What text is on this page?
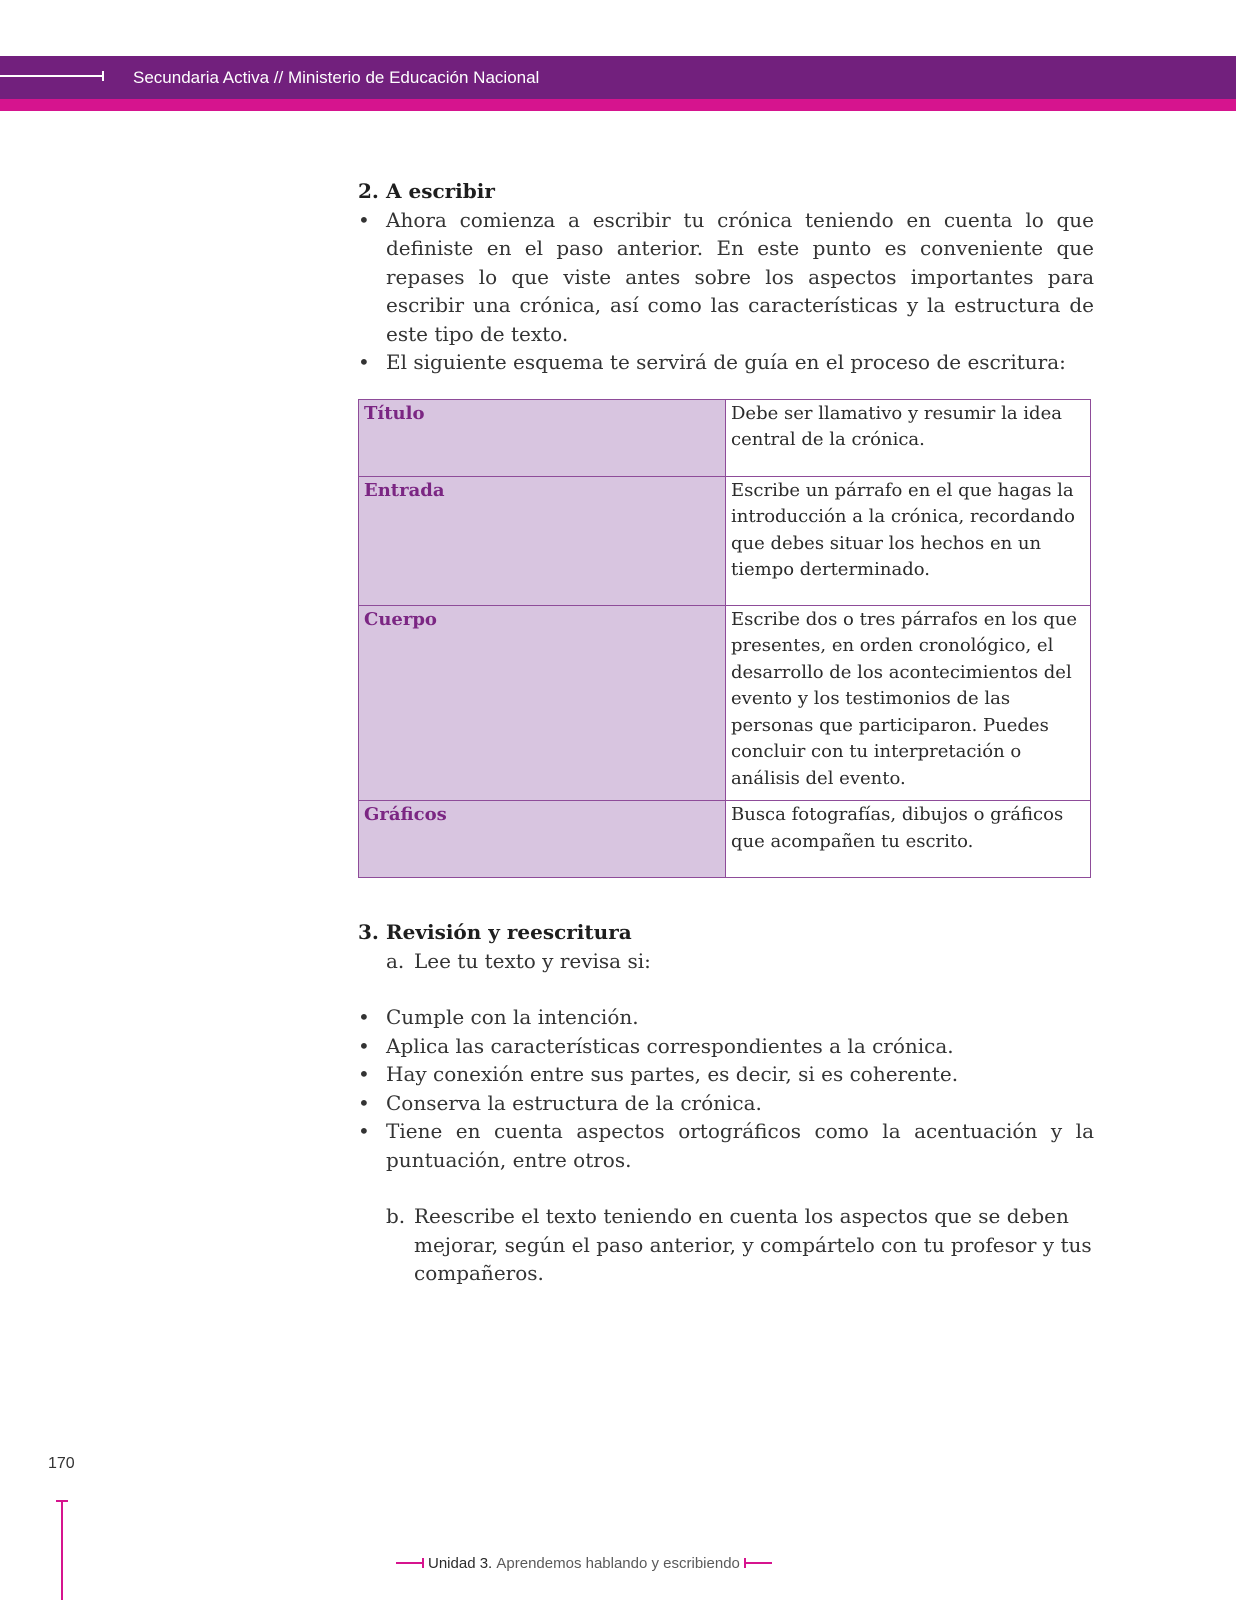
Secundaria Activa // Ministerio de Educación Nacional
2. A escribir
• Ahora comienza a escribir tu crónica teniendo en cuenta lo que definiste en el paso anterior. En este punto es conveniente que repases lo que viste antes sobre los aspectos importantes para escribir una crónica, así como las características y la estructura de este tipo de texto.
• El siguiente esquema te servirá de guía en el proceso de escritura:
Título	Debe ser llamativo y resumir la idea central de la crónica.
Entrada	Escribe un párrafo en el que hagas la introducción a la crónica, recordando que debes situar los hechos en un tiempo derterminado.
Cuerpo	Escribe dos o tres párrafos en los que presentes, en orden cronológico, el desarrollo de los acontecimientos del evento y los testimonios de las personas que participaron. Puedes concluir con tu interpretación o análisis del evento.
Gráficos	Busca fotografías, dibujos o gráficos que acompañen tu escrito.
3. Revisión y reescritura
a. Lee tu texto y revisa si:
• Cumple con la intención.
• Aplica las características correspondientes a la crónica.
• Hay conexión entre sus partes, es decir, si es coherente.
• Conserva la estructura de la crónica.
• Tiene en cuenta aspectos ortográficos como la acentuación y la puntuación, entre otros.
b. Reescribe el texto teniendo en cuenta los aspectos que se deben mejorar, según el paso anterior, y compártelo con tu profesor y tus compañeros.
170
Unidad 3.
Aprendemos hablando y escribiendo
